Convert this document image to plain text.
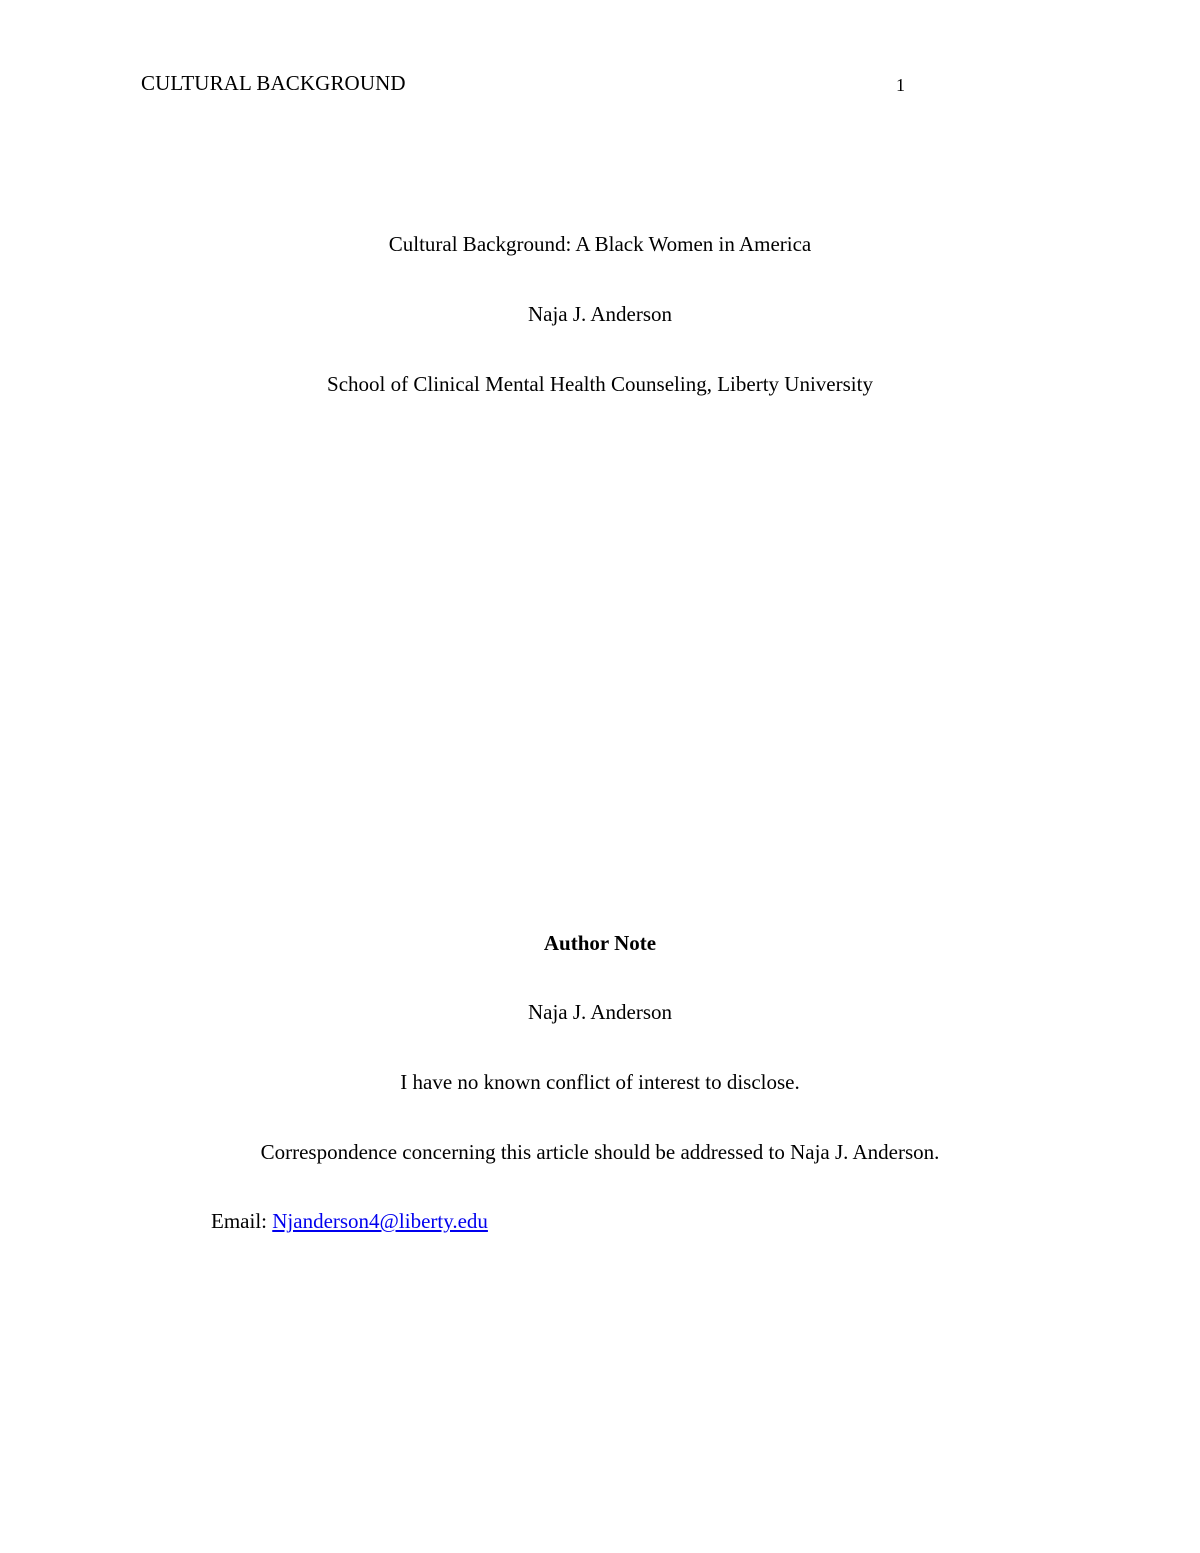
CULTURAL BACKGROUND	1
Cultural Background: A Black Women in America
Naja J. Anderson
School of Clinical Mental Health Counseling, Liberty University
Author Note
Naja J. Anderson
I have no known conflict of interest to disclose.
Correspondence concerning this article should be addressed to Naja J. Anderson.
Email: Njanderson4@liberty.edu
